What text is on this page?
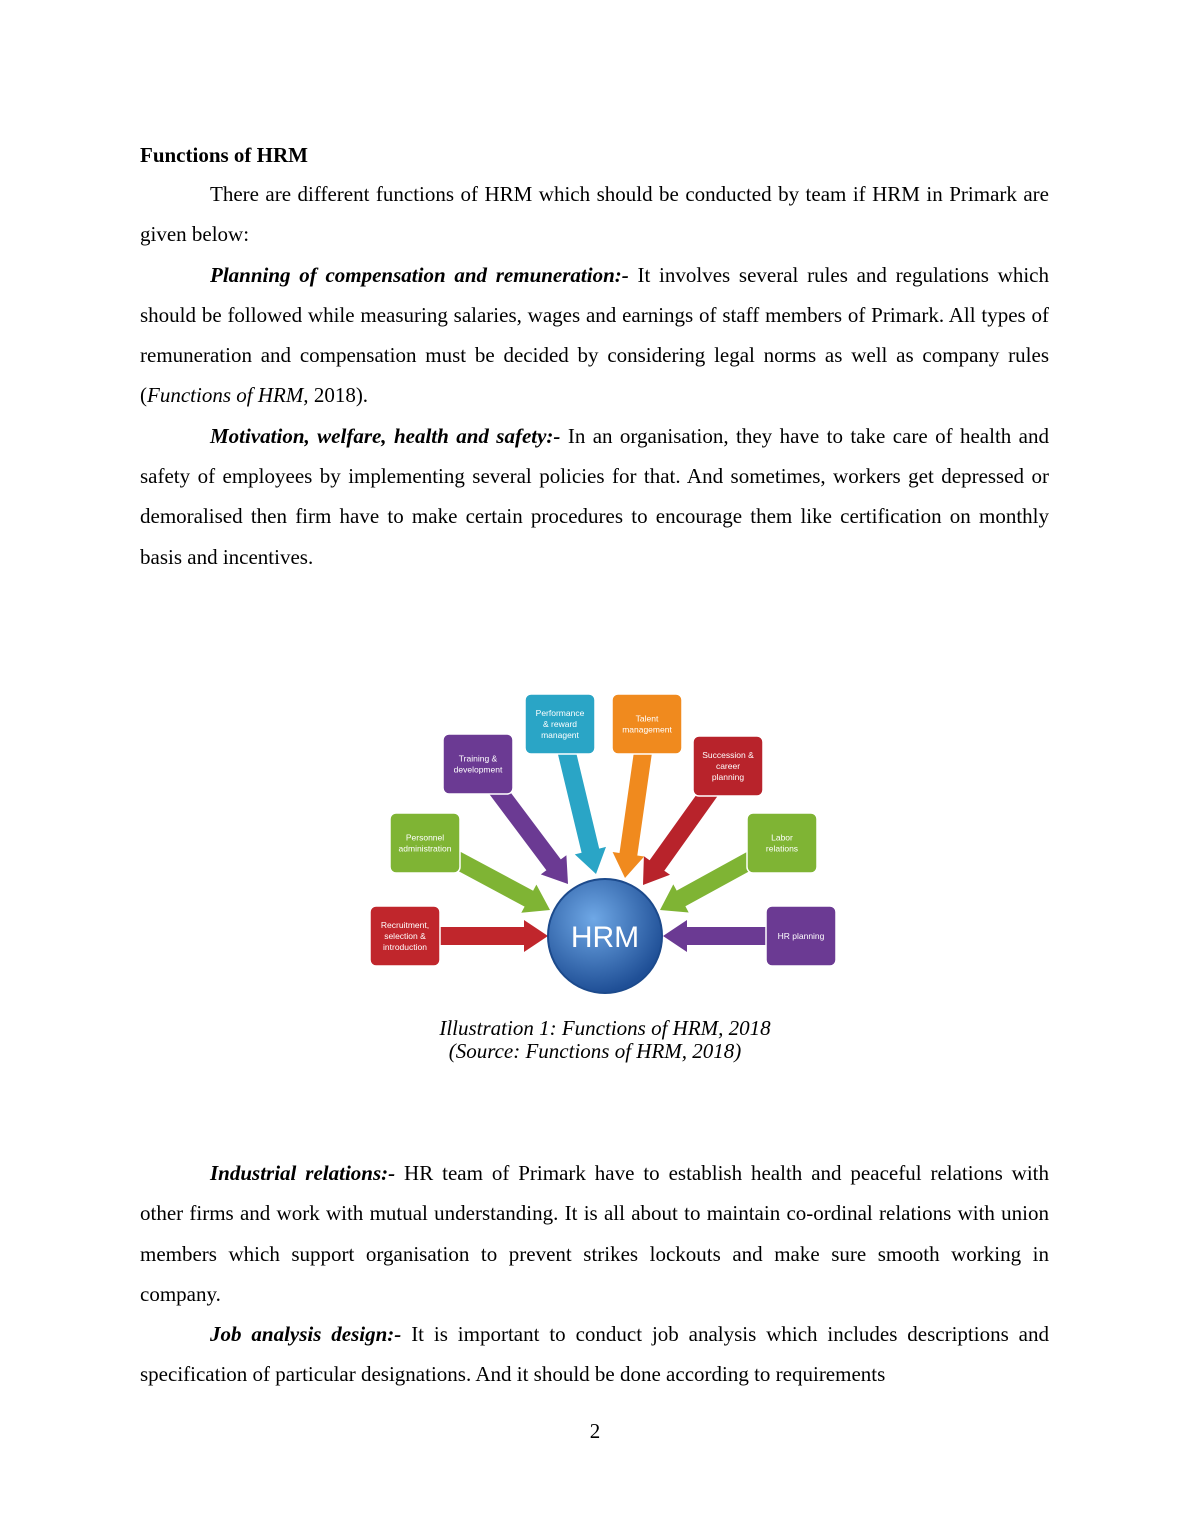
Functions of HRM

There are different functions of HRM which should be conducted by team if HRM in Primark are given below:

Planning of compensation and remuneration:- It involves several rules and regulations which should be followed while measuring salaries, wages and earnings of staff members of Primark. All types of remuneration and compensation must be decided by considering legal norms as well as company rules (Functions of HRM, 2018).

Motivation, welfare, health and safety:- In an organisation, they have to take care of health and safety of employees by implementing several policies for that. And sometimes, workers get depressed or demoralised then firm have to make certain procedures to encourage them like certification on monthly basis and incentives.

Recruitment,
selection &
introduction
Personnel
administration
Training &
development
Performance
& reward
managent
Talent
management
Succession &
career
planning
Labor
relations
HR planning
HRM
Illustration 1: Functions of HRM, 2018
(Source: Functions of HRM, 2018)

Industrial relations:- HR team of Primark have to establish health and peaceful relations with other firms and work with mutual understanding. It is all about to maintain co-ordinal relations with union members which support organisation to prevent strikes lockouts and make sure smooth working in company.

Job analysis design:- It is important to conduct job analysis which includes descriptions and specification of particular designations. And it should be done according to requirements

2
